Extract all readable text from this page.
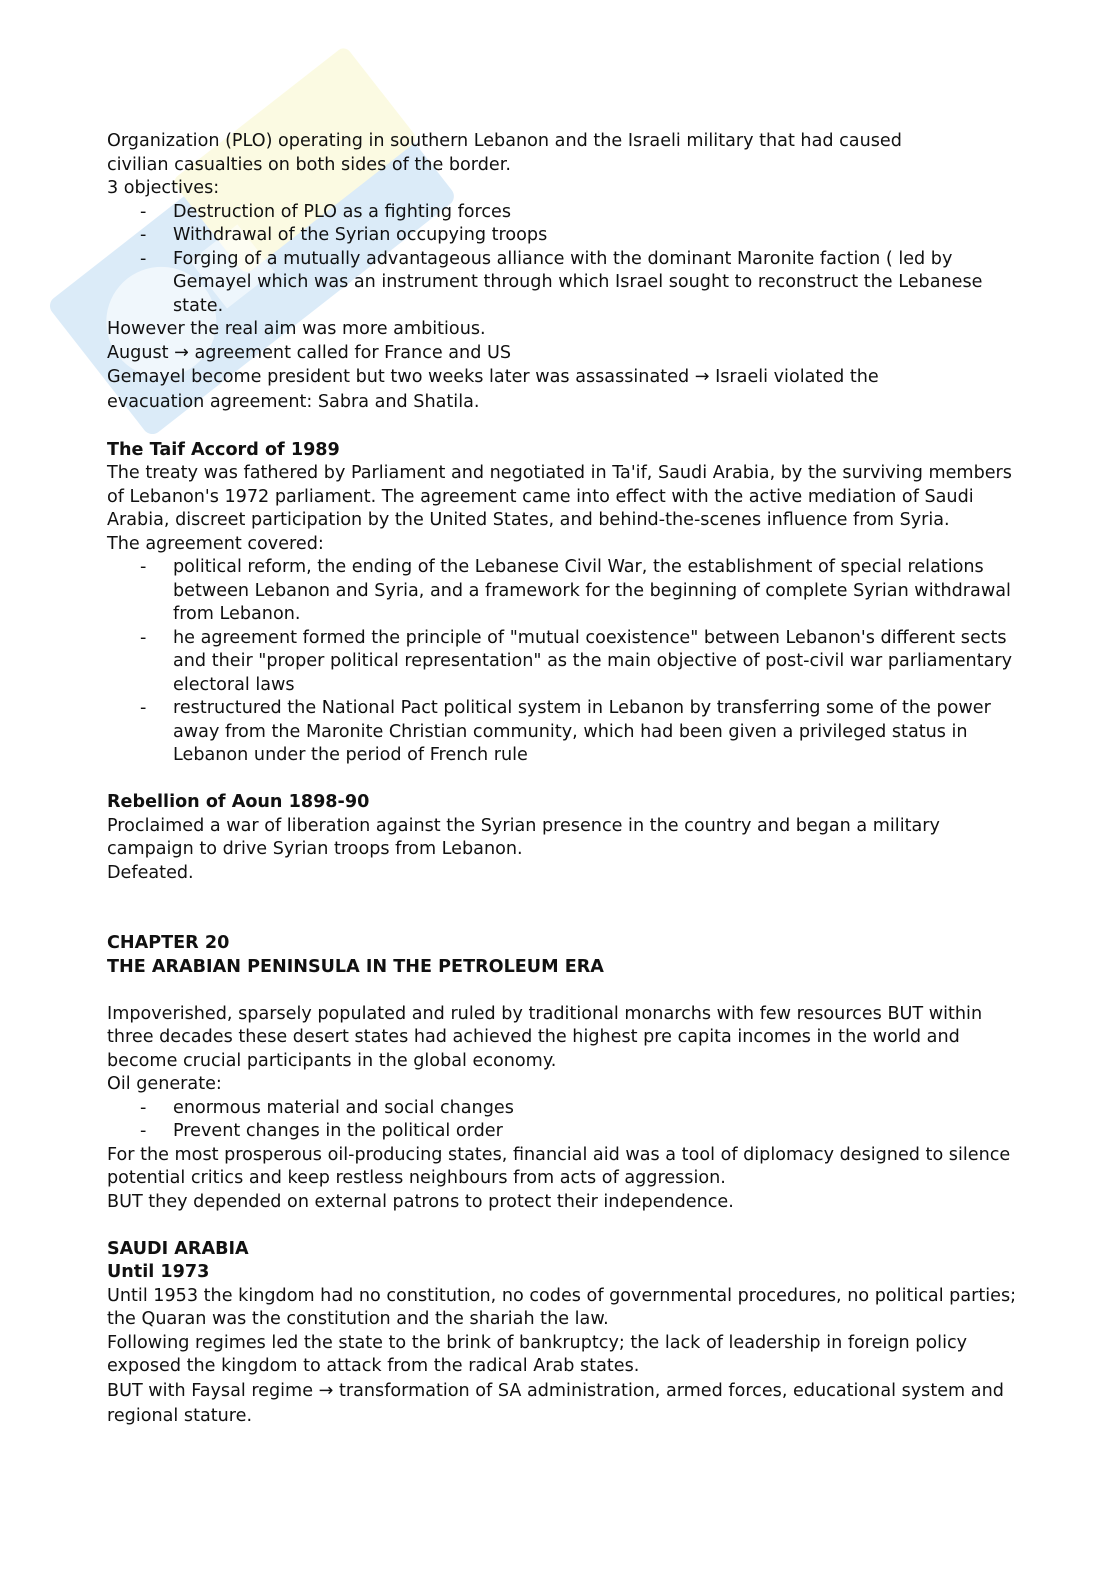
Organization (PLO) operating in southern Lebanon and the Israeli military that had caused
civilian casualties on both sides of the border.
3 objectives:
- Destruction of PLO as a fighting forces
- Withdrawal of the Syrian occupying troops
- Forging of a mutually advantageous alliance with the dominant Maronite faction ( led by Gemayel which was an instrument through which Israel sought to reconstruct the Lebanese state.
However the real aim was more ambitious.
August → agreement called for France and US
Gemayel become president but two weeks later was assassinated → Israeli violated the
evacuation agreement: Sabra and Shatila.
The Taif Accord of 1989
The treaty was fathered by Parliament and negotiated in Ta'if, Saudi Arabia, by the surviving members of Lebanon's 1972 parliament. The agreement came into effect with the active mediation of Saudi Arabia, discreet participation by the United States, and behind-the-scenes influence from Syria.
The agreement covered:
- political reform, the ending of the Lebanese Civil War, the establishment of special relations between Lebanon and Syria, and a framework for the beginning of complete Syrian withdrawal from Lebanon.
- he agreement formed the principle of "mutual coexistence" between Lebanon's different sects and their "proper political representation" as the main objective of post-civil war parliamentary electoral laws
- restructured the National Pact political system in Lebanon by transferring some of the power away from the Maronite Christian community, which had been given a privileged status in Lebanon under the period of French rule
Rebellion of Aoun 1898-90
Proclaimed a war of liberation against the Syrian presence in the country and began a military campaign to drive Syrian troops from Lebanon.
Defeated.
CHAPTER 20
THE ARABIAN PENINSULA IN THE PETROLEUM ERA
Impoverished, sparsely populated and ruled by traditional monarchs with few resources BUT within three decades these desert states had achieved the highest pre capita incomes in the world and become crucial participants in the global economy.
Oil generate:
- enormous material and social changes
- Prevent changes in the political order
For the most prosperous oil-producing states, financial aid was a tool of diplomacy designed to silence potential critics and keep restless neighbours from acts of aggression.
BUT they depended on external patrons to protect their independence.
SAUDI ARABIA
Until 1973
Until 1953 the kingdom had no constitution, no codes of governmental procedures, no political parties; the Quaran was the constitution and the shariah the law.
Following regimes led the state to the brink of bankruptcy; the lack of leadership in foreign policy exposed the kingdom to attack from the radical Arab states.
BUT with Faysal regime → transformation of SA administration, armed forces, educational system and regional stature.
